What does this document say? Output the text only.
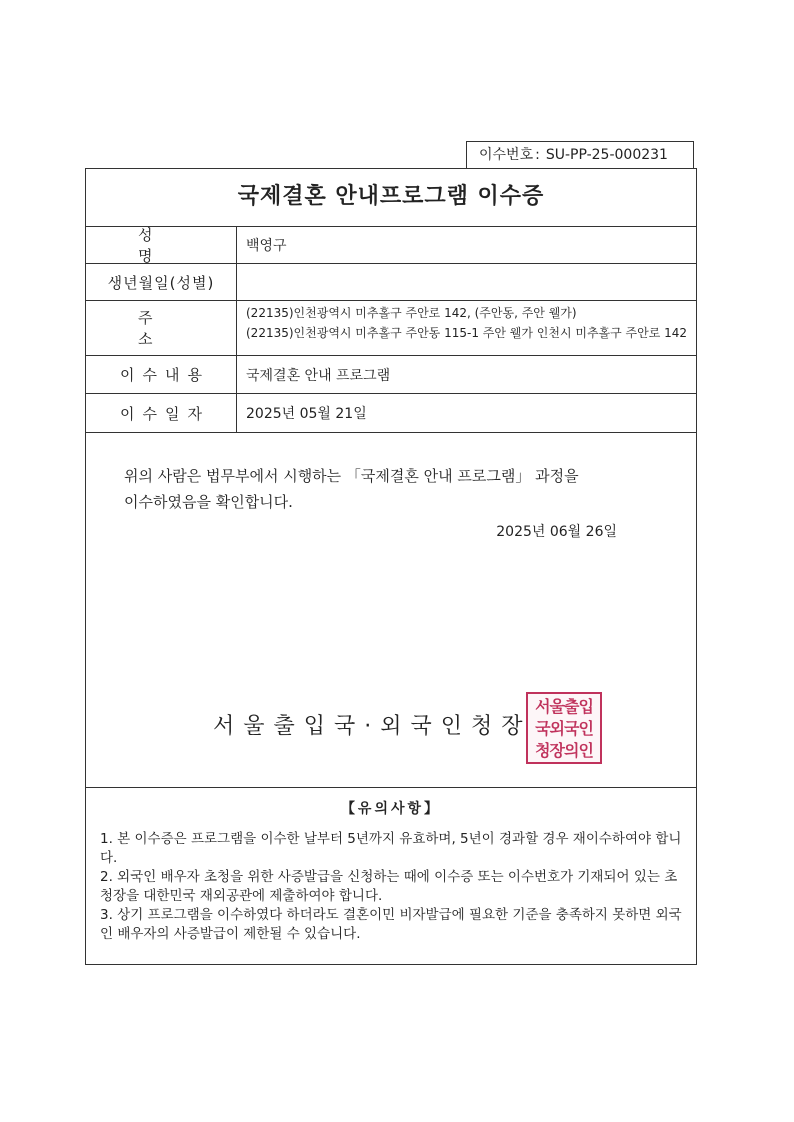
이수번호 : SU-PP-25-000231
국제결혼 안내프로그램 이수증
성 명
백영구
생년월일(성별)
주 소
(22135)인천광역시 미추홀구 주안로 142, (주안동, 주안 웰가)
(22135)인천광역시 미추홀구 주안동 115-1 주안 웰가 인천시 미추홀구 주안로 142
이수내용	국제결혼 안내 프로그램
이수일자	2025년 05월 21일
위의 사람은 법무부에서 시행하는 「국제결혼 안내 프로그램」 과정을
이수하였음을 확인합니다.
2025년 06월 26일
서울출입국·외국인청장
서울출입
국외국인
청장의인
【유의사항】
1. 본 이수증은 프로그램을 이수한 날부터 5년까지 유효하며, 5년이 경과할 경우 재이수하여야 합니다.
2. 외국인 배우자 초청을 위한 사증발급을 신청하는 때에 이수증 또는 이수번호가 기재되어 있는 초청장을 대한민국 재외공관에 제출하여야 합니다.
3. 상기 프로그램을 이수하였다 하더라도 결혼이민 비자발급에 필요한 기준을 충족하지 못하면 외국인 배우자의 사증발급이 제한될 수 있습니다.
